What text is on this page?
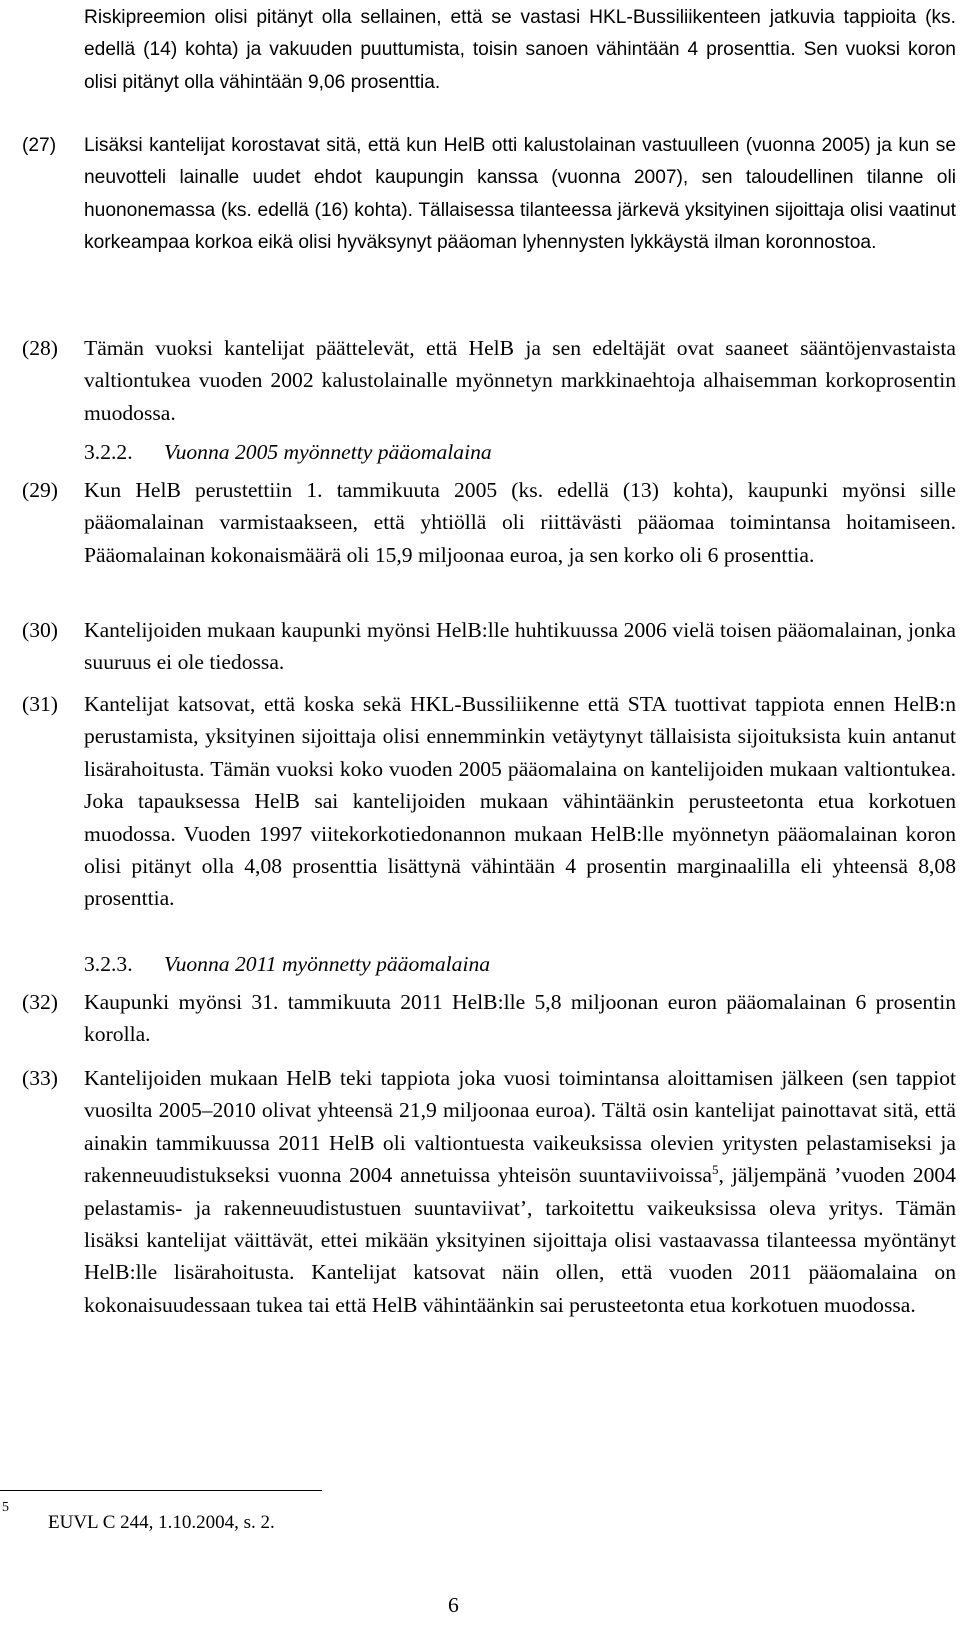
Riskipreemion olisi pitänyt olla sellainen, että se vastasi HKL-Bussiliikenteen jatkuvia tappioita (ks. edellä (14) kohta) ja vakuuden puuttumista, toisin sanoen vähintään 4 prosenttia. Sen vuoksi koron olisi pitänyt olla vähintään 9,06 prosenttia.

(27) Lisäksi kantelijat korostavat sitä, että kun HelB otti kalustolainan vastuulleen (vuonna 2005) ja kun se neuvotteli lainalle uudet ehdot kaupungin kanssa (vuonna 2007), sen taloudellinen tilanne oli huononemassa (ks. edellä (16) kohta). Tällaisessa tilanteessa järkevä yksityinen sijoittaja olisi vaatinut korkeampaa korkoa eikä olisi hyväksynyt pääoman lyhennysten lykkäystä ilman koronnostoa.

(28) Tämän vuoksi kantelijat päättelevät, että HelB ja sen edeltäjät ovat saaneet sääntöjenvastaista valtiontukea vuoden 2002 kalustolainalle myönnetyn markkinaehtoja alhaisemman korkoprosentin muodossa.

3.2.2. Vuonna 2005 myönnetty pääomalaina
(29) Kun HelB perustettiin 1. tammikuuta 2005 (ks. edellä (13) kohta), kaupunki myönsi sille pääomalainan varmistaakseen, että yhtiöllä oli riittävästi pääomaa toimintansa hoitamiseen. Pääomalainan kokonaismäärä oli 15,9 miljoonaa euroa, ja sen korko oli 6 prosenttia.

(30) Kantelijoiden mukaan kaupunki myönsi HelB:lle huhtikuussa 2006 vielä toisen pääomalainan, jonka suuruus ei ole tiedossa.

(31) Kantelijat katsovat, että koska sekä HKL-Bussiliikenne että STA tuottivat tappiota ennen HelB:n perustamista, yksityinen sijoittaja olisi ennemminkin vetäytynyt tällaisista sijoituksista kuin antanut lisärahoitusta. Tämän vuoksi koko vuoden 2005 pääomalaina on kantelijoiden mukaan valtiontukea. Joka tapauksessa HelB sai kantelijoiden mukaan vähintäänkin perusteetonta etua korkotuen muodossa. Vuoden 1997 viitekorkotiedonannon mukaan HelB:lle myönnetyn pääomalainan koron olisi pitänyt olla 4,08 prosenttia lisättynä vähintään 4 prosentin marginaalilla eli yhteensä 8,08 prosenttia.

3.2.3. Vuonna 2011 myönnetty pääomalaina
(32) Kaupunki myönsi 31. tammikuuta 2011 HelB:lle 5,8 miljoonan euron pääomalainan 6 prosentin korolla.

(33) Kantelijoiden mukaan HelB teki tappiota joka vuosi toimintansa aloittamisen jälkeen (sen tappiot vuosilta 2005–2010 olivat yhteensä 21,9 miljoonaa euroa). Tältä osin kantelijat painottavat sitä, että ainakin tammikuussa 2011 HelB oli valtiontuesta vaikeuksissa olevien yritysten pelastamiseksi ja rakenneuudistukseksi vuonna 2004 annetuissa yhteisön suuntaviivoissa$^5$, jäljempänä ’vuoden 2004 pelastamis- ja rakenneuudistustuen suuntaviivat’, tarkoitettu vaikeuksissa oleva yritys. Tämän lisäksi kantelijat väittävät, ettei mikään yksityinen sijoittaja olisi vastaavassa tilanteessa myöntänyt HelB:lle lisärahoitusta. Kantelijat katsovat näin ollen, että vuoden 2011 pääomalaina on kokonaisuudessaan tukea tai että HelB vähintäänkin sai perusteetonta etua korkotuen muodossa.

5
EUVL C 244, 1.10.2004, s. 2.
6
